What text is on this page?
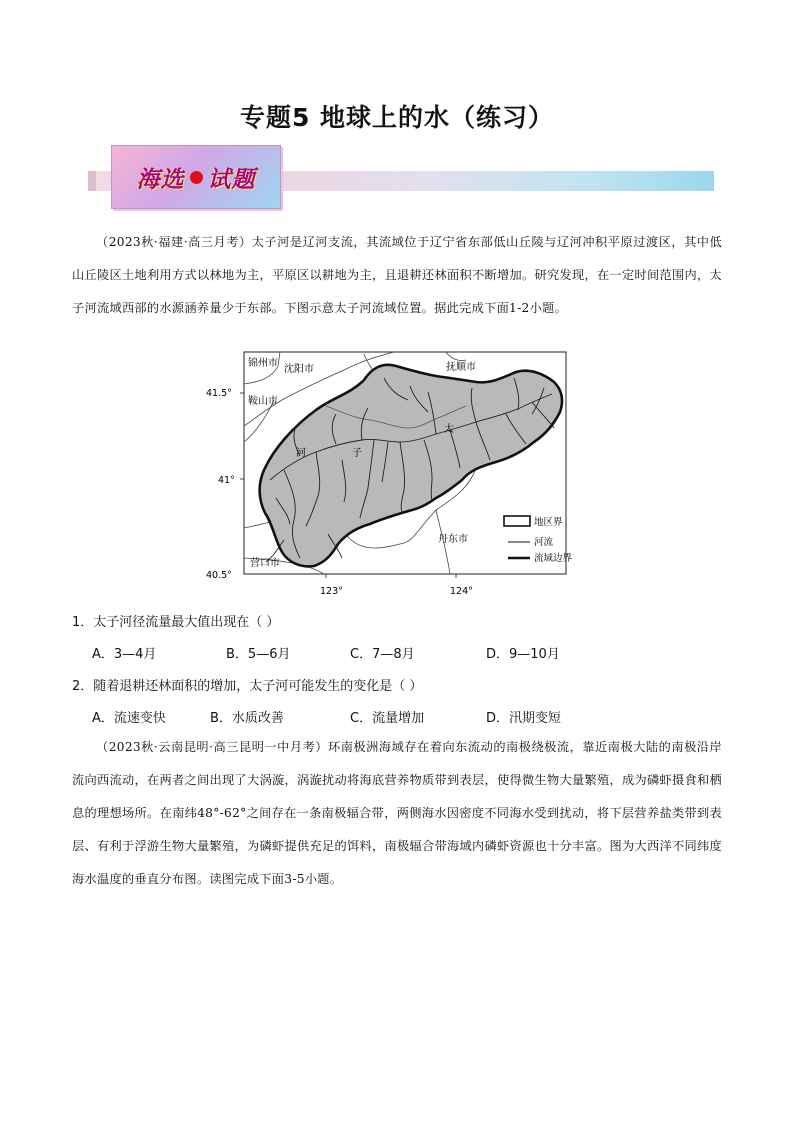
专题5 地球上的水（练习）
海选 试题
（2023秋·福建·高三月考）太子河是辽河支流，其流域位于辽宁省东部低山丘陵与辽河冲积平原过渡区，其中低山丘陵区土地利用方式以林地为主，平原区以耕地为主，且退耕还林面积不断增加。研究发现，在一定时间范围内，太子河流域西部的水源涵养量少于东部。下图示意太子河流域位置。据此完成下面1-2小题。
锦州市
沈阳市	抚顺市
鞍山市
丹东市
营口市
河	子
太
41.5°
41°
40.5°
123°	124°
地区界
河流
流域边界
1．太子河径流量最大值出现在（ ）
A．3—4月	B．5—6月	C．7—8月	D．9—10月
2．随着退耕还林面积的增加，太子河可能发生的变化是（ ）
A．流速变快	B．水质改善	C．流量增加	D．汛期变短
（2023秋·云南昆明·高三昆明一中月考）环南极洲海域存在着向东流动的南极绕极流，靠近南极大陆的南极沿岸流向西流动，在两者之间出现了大涡漩，涡漩扰动将海底营养物质带到表层，使得微生物大量繁殖，成为磷虾摄食和栖息的理想场所。在南纬48°-62°之间存在一条南极辐合带，两侧海水因密度不同海水受到扰动，将下层营养盐类带到表层、有利于浮游生物大量繁殖，为磷虾提供充足的饵料，南极辐合带海域内磷虾资源也十分丰富。图为大西洋不同纬度海水温度的垂直分布图。读图完成下面3-5小题。
